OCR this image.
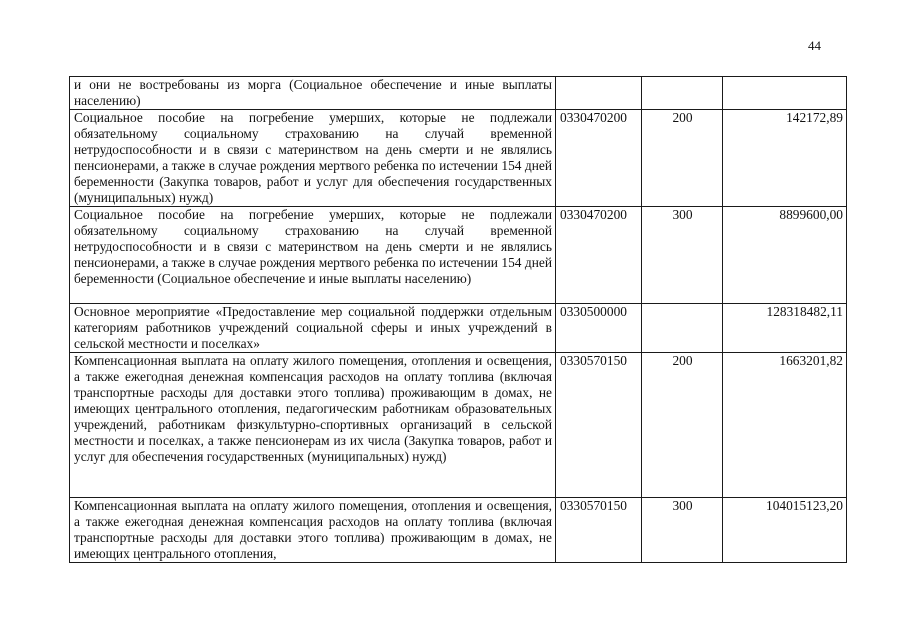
44
и они не востребованы из морга (Социальное обеспечение и иные выплаты населению)			
Социальное пособие на погребение умерших, которые не подлежали обязательному социальному страхованию на случай временной нетрудоспособности и в связи с материнством на день смерти и не являлись пенсионерами, а также в случае рождения мертвого ребенка по истечении 154 дней беременности (Закупка товаров, работ и услуг для обеспечения государственных (муниципальных) нужд)	0330470200	200	142172,89
Социальное пособие на погребение умерших, которые не подлежали обязательному социальному страхованию на случай временной нетрудоспособности и в связи с материнством на день смерти и не являлись пенсионерами, а также в случае рождения мертвого ребенка по истечении 154 дней беременности (Социальное обеспечение и иные выплаты населению)	0330470200	300	8899600,00
Основное мероприятие «Предоставление мер социальной поддержки отдельным категориям работников учреждений социальной сферы и иных учреждений в сельской местности и поселках»	0330500000		128318482,11
Компенсационная выплата на оплату жилого помещения, отопления и освещения, а также ежегодная денежная компенсация расходов на оплату топлива (включая транспортные расходы для доставки этого топлива) проживающим в домах, не имеющих центрального отопления, педагогическим работникам образовательных учреждений, работникам физкультурно-спортивных организаций в сельской местности и поселках, а также пенсионерам из их числа (Закупка товаров, работ и услуг для обеспечения государственных (муниципальных) нужд)	0330570150	200	1663201,82
Компенсационная выплата на оплату жилого помещения, отопления и освещения, а также ежегодная денежная компенсация расходов на оплату топлива (включая транспортные расходы для доставки этого топлива) проживающим в домах, не имеющих центрального отопления,	0330570150	300	104015123,20
